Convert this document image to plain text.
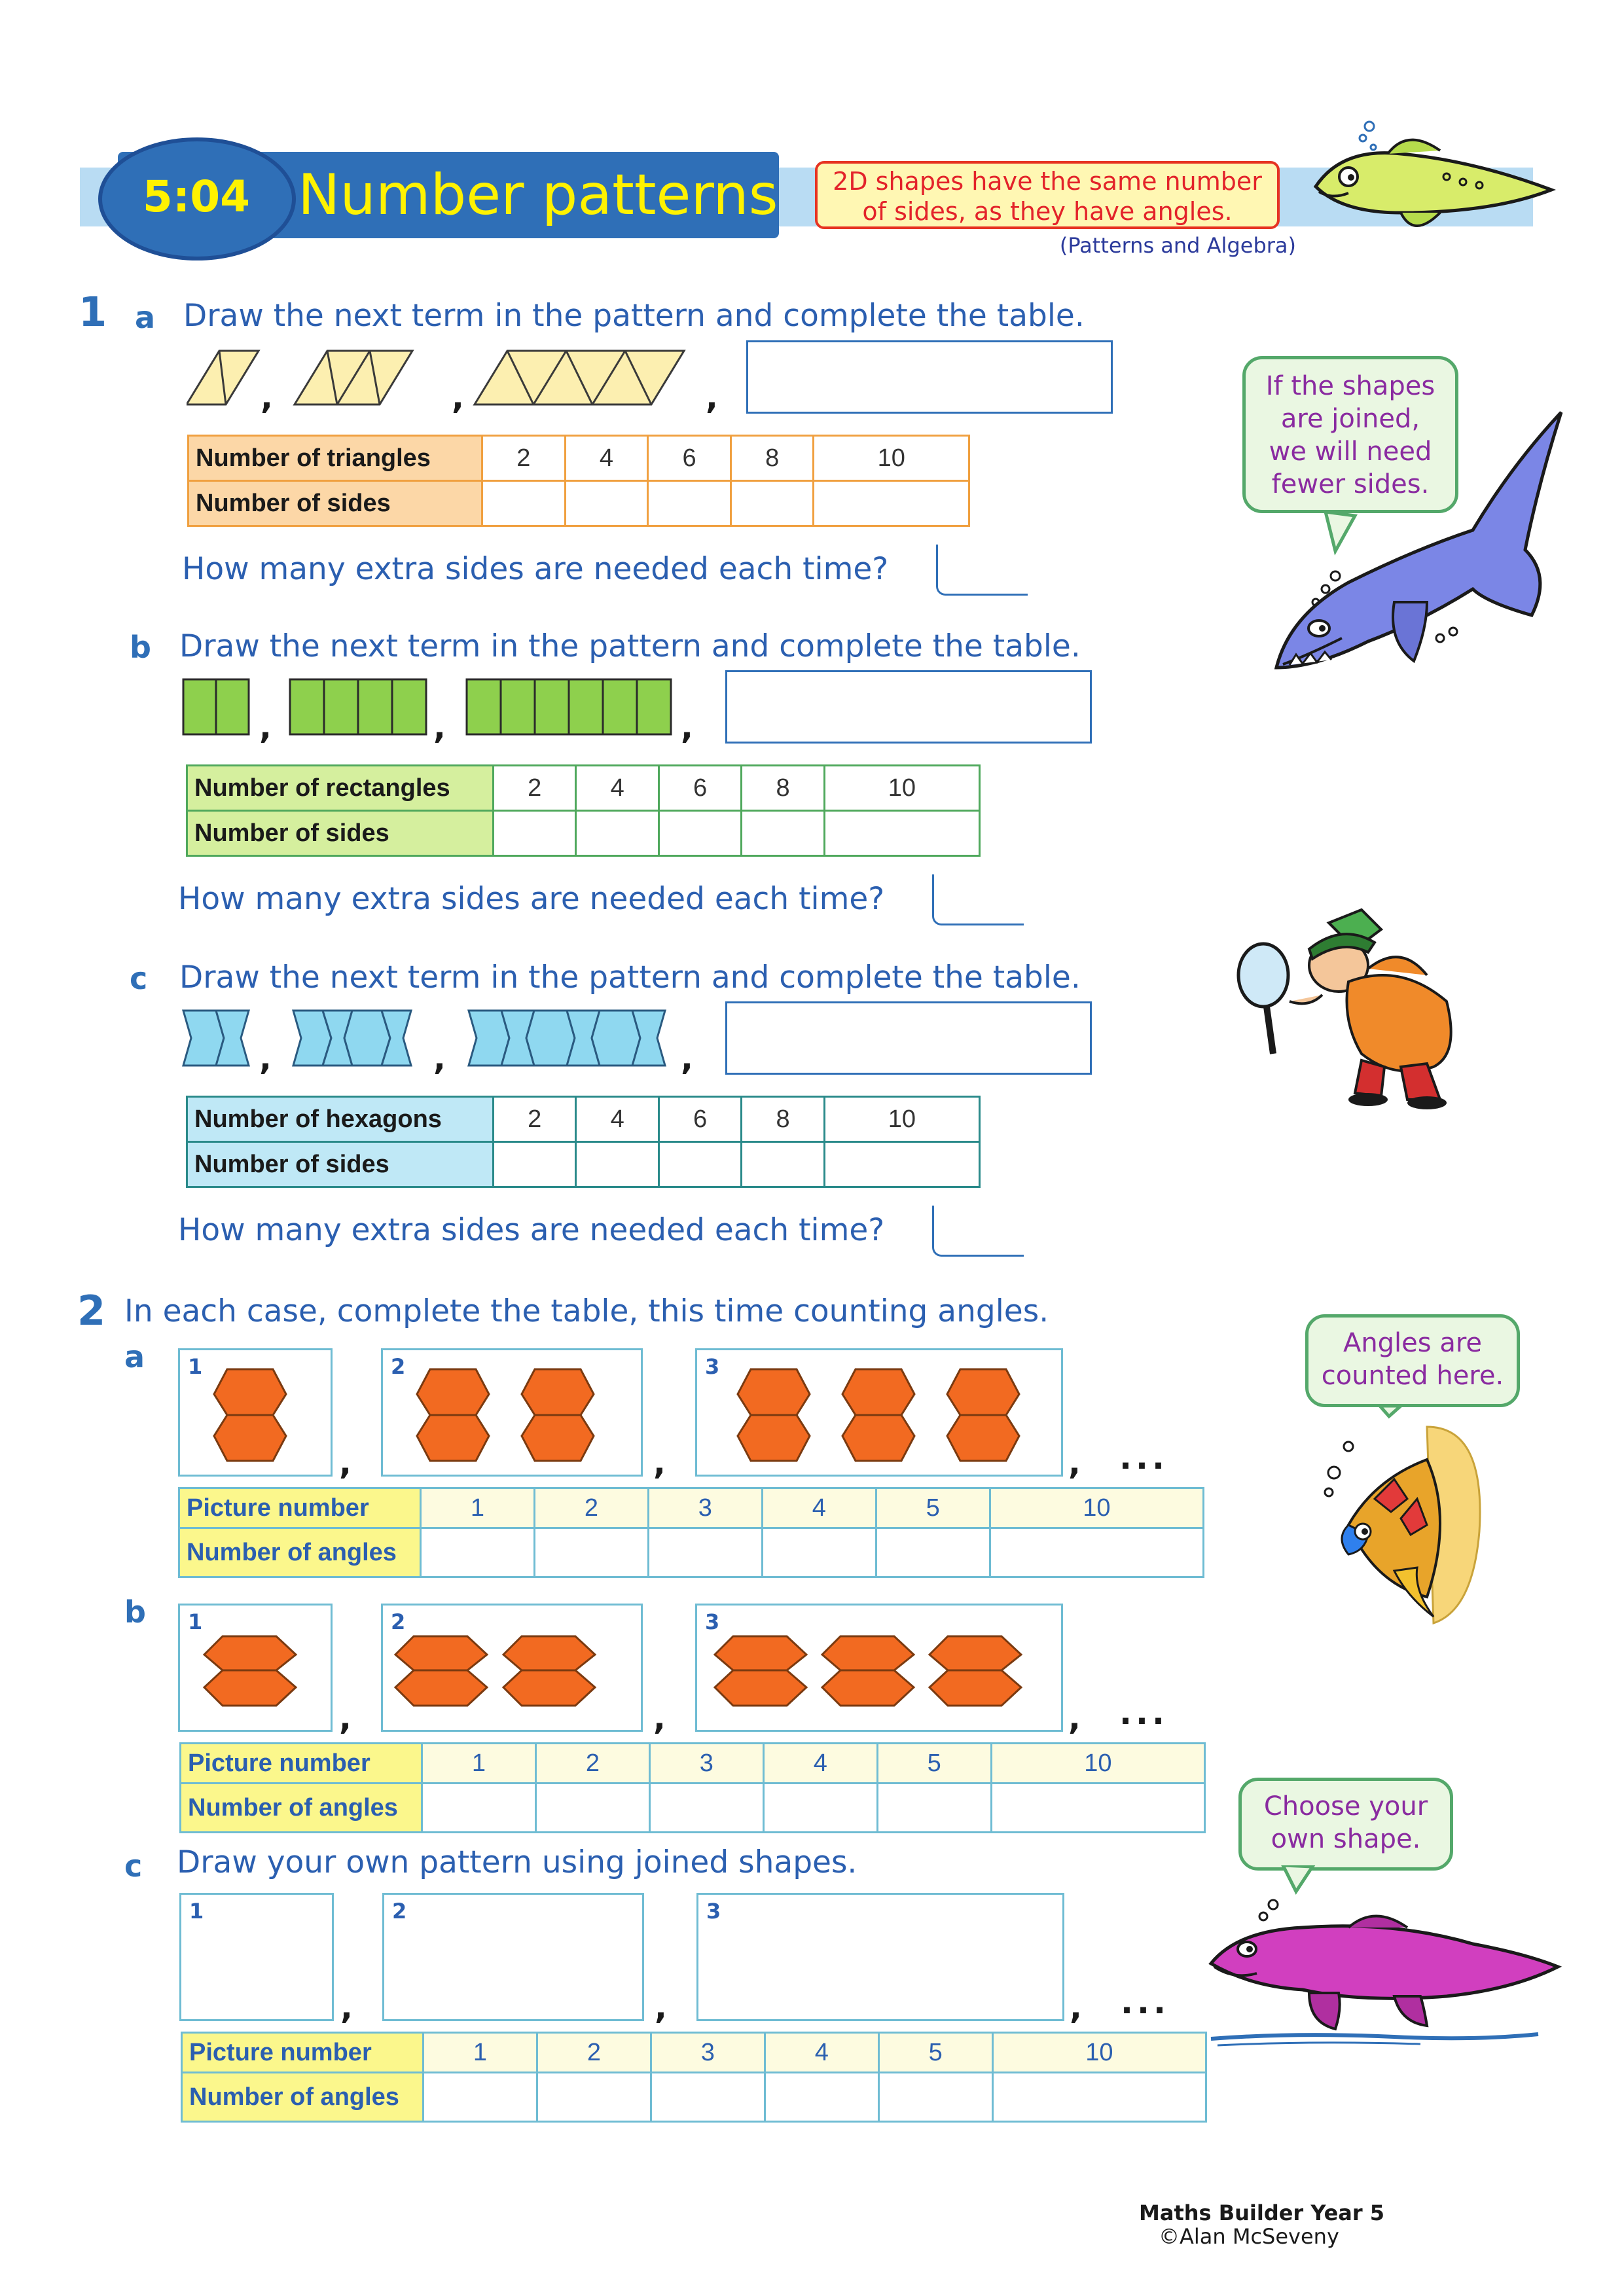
5:04 Number patterns	2D shapes have the same number
of sides, as they have angles.
(Patterns and Algebra)
1 a Draw the next term in the pattern and complete the table.
,	,	,
Number of triangles	2	4	6	8	10
Number of sides					
How many extra sides are needed each time?
b Draw the next term in the pattern and complete the table.
,	,	,
Number of rectangles	2	4	6	8	10
Number of sides					
How many extra sides are needed each time?
c Draw the next term in the pattern and complete the table.
,	,	,
Number of hexagons	2	4	6	8	10
Number of sides					
How many extra sides are needed each time?
2 In each case, complete the table, this time counting angles.
a 1	2	3
,	,	, ...
Picture number	1	2	3	4	5	10
Number of angles						
b 1	2	3
,	,	, ...
Picture number	1	2	3	4	5	10
Number of angles						
c Draw your own pattern using joined shapes.
1	2	3
,	,	, ...
Picture number	1	2	3	4	5	10
Number of angles						
If the shapes
are joined,
we will need
fewer sides.
Angles are
counted here.
Choose your
own shape.
Maths Builder Year 5
©Alan McSeveny
